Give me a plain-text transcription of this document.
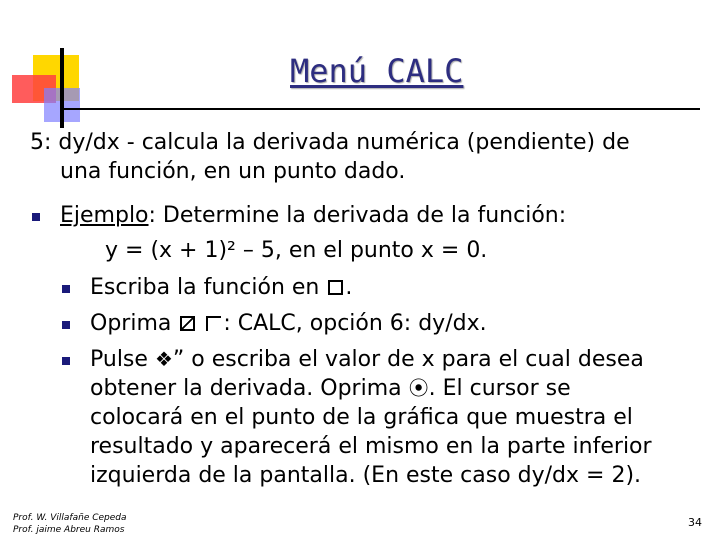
Menú CALC
5: dy/dx - calcula la derivada numérica (pendiente) de
una función, en un punto dado.
Ejemplo: Determine la derivada de la función:
y = (x + 1)² – 5, en el punto x = 0.
Escriba la función en .
Oprima : CALC, opción 6: dy/dx.
Pulse ❖” o escriba el valor de x para el cual desea
obtener la derivada. Oprima ⦿. El cursor se
colocará en el punto de la gráfica que muestra el
resultado y aparecerá el mismo en la parte inferior
izquierda de la pantalla. (En este caso dy/dx = 2).
Prof. W. Villafañe Cepeda
Prof. jaime Abreu Ramos
34
